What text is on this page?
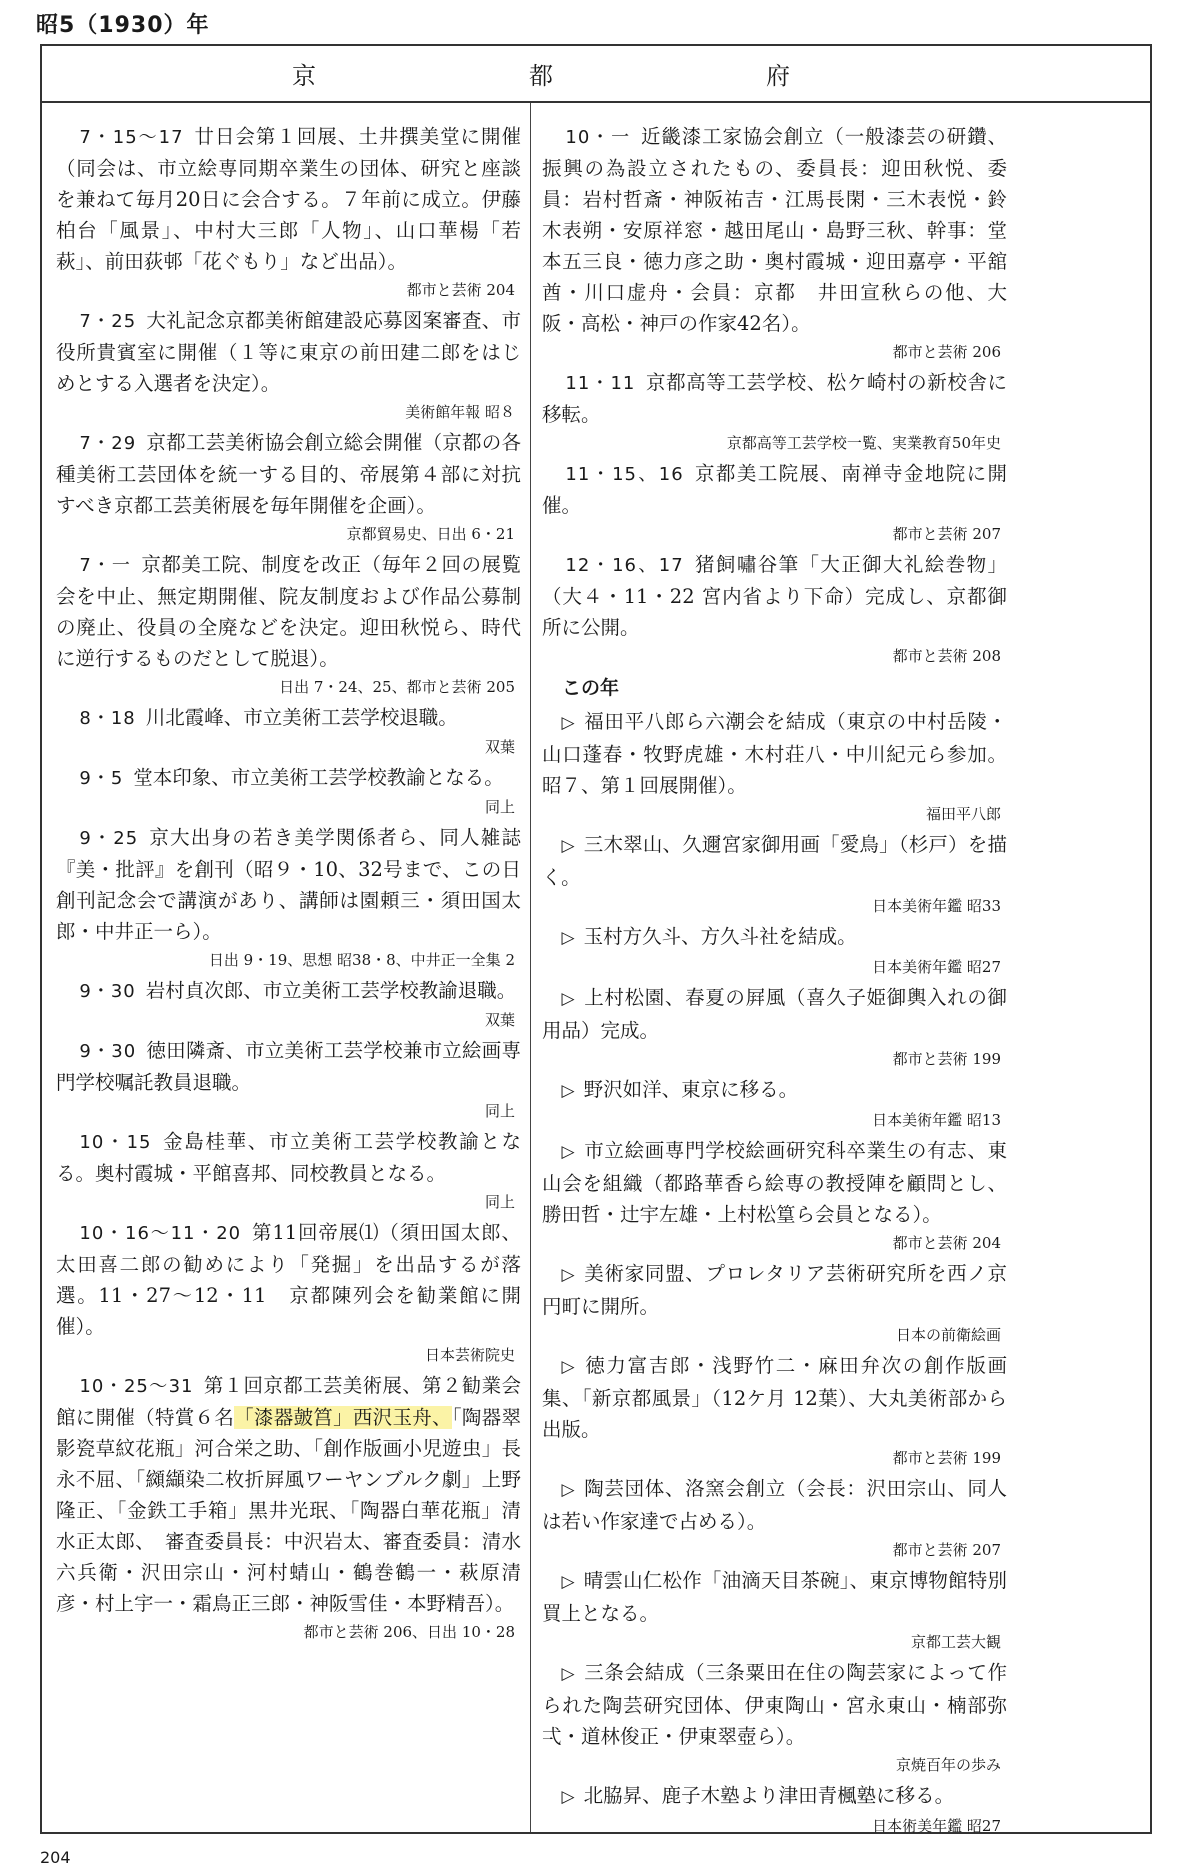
昭5（1930）年
京	都	府

7・15〜17 廿日会第１回展、土井撰美堂に開催（同会は、市立絵専同期卒業生の団体、研究と座談を兼ねて毎月20日に会合する。７年前に成立。伊藤柏台「風景」、中村大三郎「人物」、山口華楊「若萩」、前田荻邨「花ぐもり」など出品）。
都市と芸術 204

7・25 大礼記念京都美術館建設応募図案審査、市役所貴賓室に開催（１等に東京の前田建二郎をはじめとする入選者を決定）。
美術館年報 昭８

7・29 京都工芸美術協会創立総会開催（京都の各種美術工芸団体を統一する目的、帝展第４部に対抗すべき京都工芸美術展を毎年開催を企画）。
京都貿易史、日出 6・21

7・一 京都美工院、制度を改正（毎年２回の展覧会を中止、無定期開催、院友制度および作品公募制の廃止、役員の全廃などを決定。迎田秋悦ら、時代に逆行するものだとして脱退）。
日出 7・24、25、都市と芸術 205

8・18 川北霞峰、市立美術工芸学校退職。
双葉

9・5 堂本印象、市立美術工芸学校教諭となる。
同上

9・25 京大出身の若き美学関係者ら、同人雑誌『美・批評』を創刊（昭９・10、32号まで、この日創刊記念会で講演があり、講師は園頼三・須田国太郎・中井正一ら）。
日出 9・19、思想 昭38・8、中井正一全集 2

9・30 岩村貞次郎、市立美術工芸学校教諭退職。
双葉

9・30 徳田隣斎、市立美術工芸学校兼市立絵画専門学校嘱託教員退職。
同上

10・15 金島桂華、市立美術工芸学校教諭となる。奥村霞城・平館喜邦、同校教員となる。
同上

10・16〜11・20 第11回帝展⑴（須田国太郎、太田喜二郎の勧めにより「発掘」を出品するが落選。11・27〜12・11　京都陳列会を勧業館に開催）。
日本芸術院史

10・25〜31 第１回京都工芸美術展、第２勧業会館に開催（特賞６名「漆器皷筥」西沢玉舟、「陶器翠影瓷草紋花瓶」河合栄之助、「創作版画小児遊虫」長永不屈、「纐纈染二枚折屛風ワーヤンブルク劇」上野隆正、「金鉄工手箱」黒井光珉、「陶器白華花瓶」清水正太郎、　審査委員長：中沢岩太、審査委員：清水六兵衛・沢田宗山・河村蜻山・鶴巻鶴一・萩原清彦・村上宇一・霜鳥正三郎・神阪雪佳・本野精吾）。
都市と芸術 206、日出 10・28

10・一 近畿漆工家協会創立（一般漆芸の研鑽、振興の為設立されたもの、委員長：迎田秋悦、委員：岩村哲斎・神阪祐吉・江馬長閑・三木表悦・鈴木表朔・安原祥窓・越田尾山・島野三秋、幹事：堂本五三良・徳力彦之助・奥村霞城・迎田嘉亭・平舘酋・川口虚舟・会員：京都　井田宣秋らの他、大阪・高松・神戸の作家42名）。
都市と芸術 206

11・11 京都高等工芸学校、松ケ崎村の新校舎に移転。
京都高等工芸学校一覧、実業教育50年史

11・15、16 京都美工院展、南禅寺金地院に開催。
都市と芸術 207

12・16、17 猪飼嘯谷筆「大正御大礼絵巻物」（大４・11・22 宮内省より下命）完成し、京都御所に公開。
都市と芸術 208

この年

▷ 福田平八郎ら六潮会を結成（東京の中村岳陵・山口蓬春・牧野虎雄・木村荘八・中川紀元ら参加。昭７、第１回展開催）。
福田平八郎

▷ 三木翠山、久邇宮家御用画「愛鳥」（杉戸）を描く。
日本美術年鑑 昭33

▷ 玉村方久斗、方久斗社を結成。
日本美術年鑑 昭27

▷ 上村松園、春夏の屛風（喜久子姫御輿入れの御用品）完成。
都市と芸術 199

▷ 野沢如洋、東京に移る。
日本美術年鑑 昭13

▷ 市立絵画専門学校絵画研究科卒業生の有志、東山会を組織（都路華香ら絵専の教授陣を顧問とし、勝田哲・辻宇左雄・上村松篁ら会員となる）。
都市と芸術 204

▷ 美術家同盟、プロレタリア芸術研究所を西ノ京円町に開所。
日本の前衛絵画

▷ 徳力富吉郎・浅野竹二・麻田弁次の創作版画集、「新京都風景」（12ケ月 12葉）、大丸美術部から出版。
都市と芸術 199

▷ 陶芸団体、洛窯会創立（会長：沢田宗山、同人は若い作家達で占める）。
都市と芸術 207

▷ 晴雲山仁松作「油滴天目茶碗」、東京博物館特別買上となる。
京都工芸大観

▷ 三条会結成（三条粟田在住の陶芸家によって作られた陶芸研究団体、伊東陶山・宮永東山・楠部弥弌・道林俊正・伊東翠壺ら）。
京焼百年の歩み

▷ 北脇昇、鹿子木塾より津田青楓塾に移る。
日本術美年鑑 昭27

204
